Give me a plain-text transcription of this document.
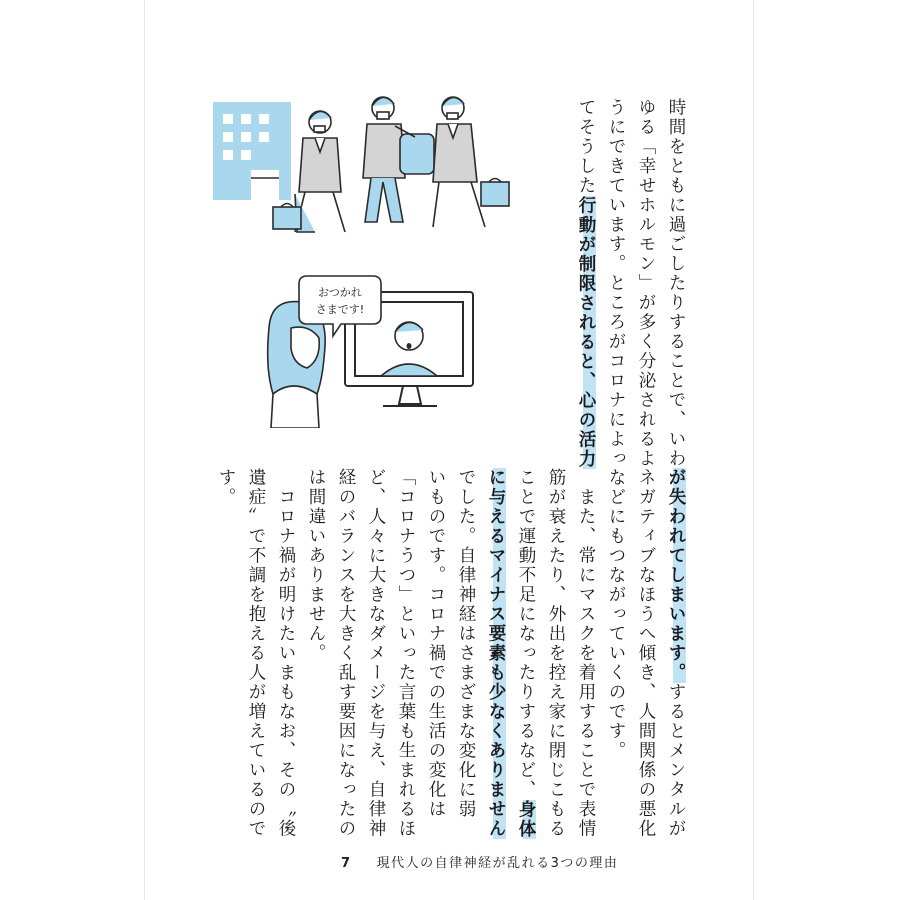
おつかれ
さまです!	時間をともに過ごしたりすることで、いわ
ゆる「幸せホルモン」が多く分泌されるよ
うにできています。ところがコロナによっ
てそうした行動が制限されると、心の活力
が失われてしまいます。するとメンタルが
ネガティブなほうへ傾き、人間関係の悪化
などにもつながっていくのです。
　また、常にマスクを着用することで表情
筋が衰えたり、外出を控え家に閉じこもる
ことで運動不足になったりするなど、身体
に与えるマイナス要素も少なくありません
でした。自律神経はさまざまな変化に弱
いものです。コロナ禍での生活の変化は
「コロナうつ」といった言葉も生まれるほ
ど、人々に大きなダメージを与え、自律神
経のバランスを大きく乱す要因になったの
は間違いありません。
　コロナ禍が明けたいまもなお、その〝後
遺症〟で不調を抱える人が増えているので
す。
7 現代人の自律神経が乱れる3つの理由
